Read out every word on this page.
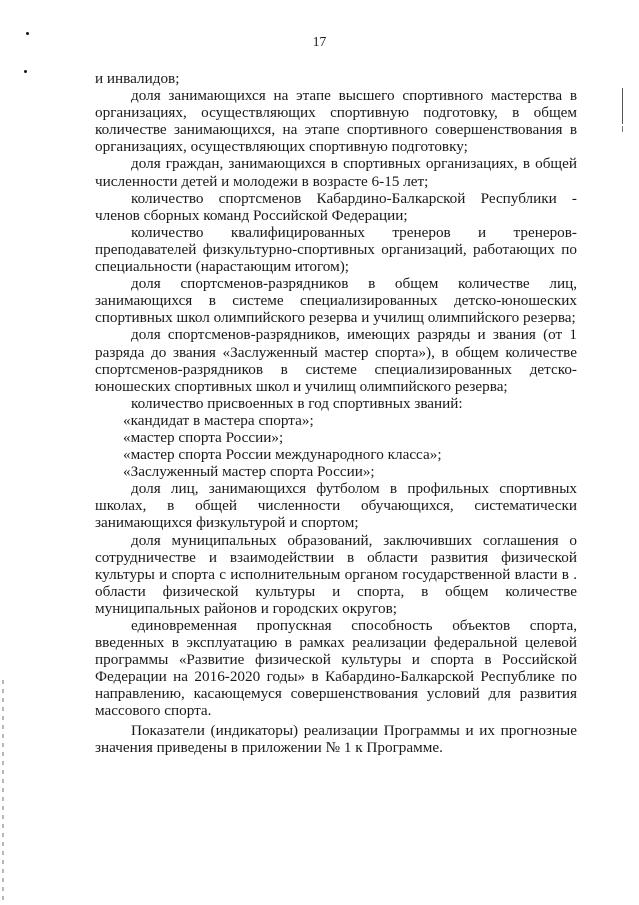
17

и инвалидов;

доля занимающихся на этапе высшего спортивного мастерства в организациях, осуществляющих спортивную подготовку, в общем количестве занимающихся, на этапе спортивного совершенствования в организациях, осуществляющих спортивную подготовку;

доля граждан, занимающихся в спортивных организациях, в общей численности детей и молодежи в возрасте 6-15 лет;

количество спортсменов Кабардино-Балкарской Республики - членов сборных команд Российской Федерации;

количество квалифицированных тренеров и тренеров-преподавателей физкультурно-спортивных организаций, работающих по специальности (нарастающим итогом);

доля спортсменов-разрядников в общем количестве лиц, занимающихся в системе специализированных детско-юношеских спортивных школ олимпийского резерва и училищ олимпийского резерва;

доля спортсменов-разрядников, имеющих разряды и звания (от 1 разряда до звания «Заслуженный мастер спорта»), в общем количестве спортсменов-разрядников в системе специализированных детско-юношеских спортивных школ и училищ олимпийского резерва;

количество присвоенных в год спортивных званий:

«кандидат в мастера спорта»;

«мастер спорта России»;

«мастер спорта России международного класса»;

«Заслуженный мастер спорта России»;

доля лиц, занимающихся футболом в профильных спортивных школах, в общей численности обучающихся, систематически занимающихся физкультурой и спортом;

доля муниципальных образований, заключивших соглашения о сотрудничестве и взаимодействии в области развития физической культуры и спорта с исполнительным органом государственной власти в . области физической культуры и спорта, в общем количестве муниципальных районов и городских округов;

единовременная пропускная способность объектов спорта, введенных в эксплуатацию в рамках реализации федеральной целевой программы «Развитие физической культуры и спорта в Российской Федерации на 2016-2020 годы» в Кабардино-Балкарской Республике по направлению, касающемуся совершенствования условий для развития массового спорта.

Показатели (индикаторы) реализации Программы и их прогнозные значения приведены в приложении № 1 к Программе.
